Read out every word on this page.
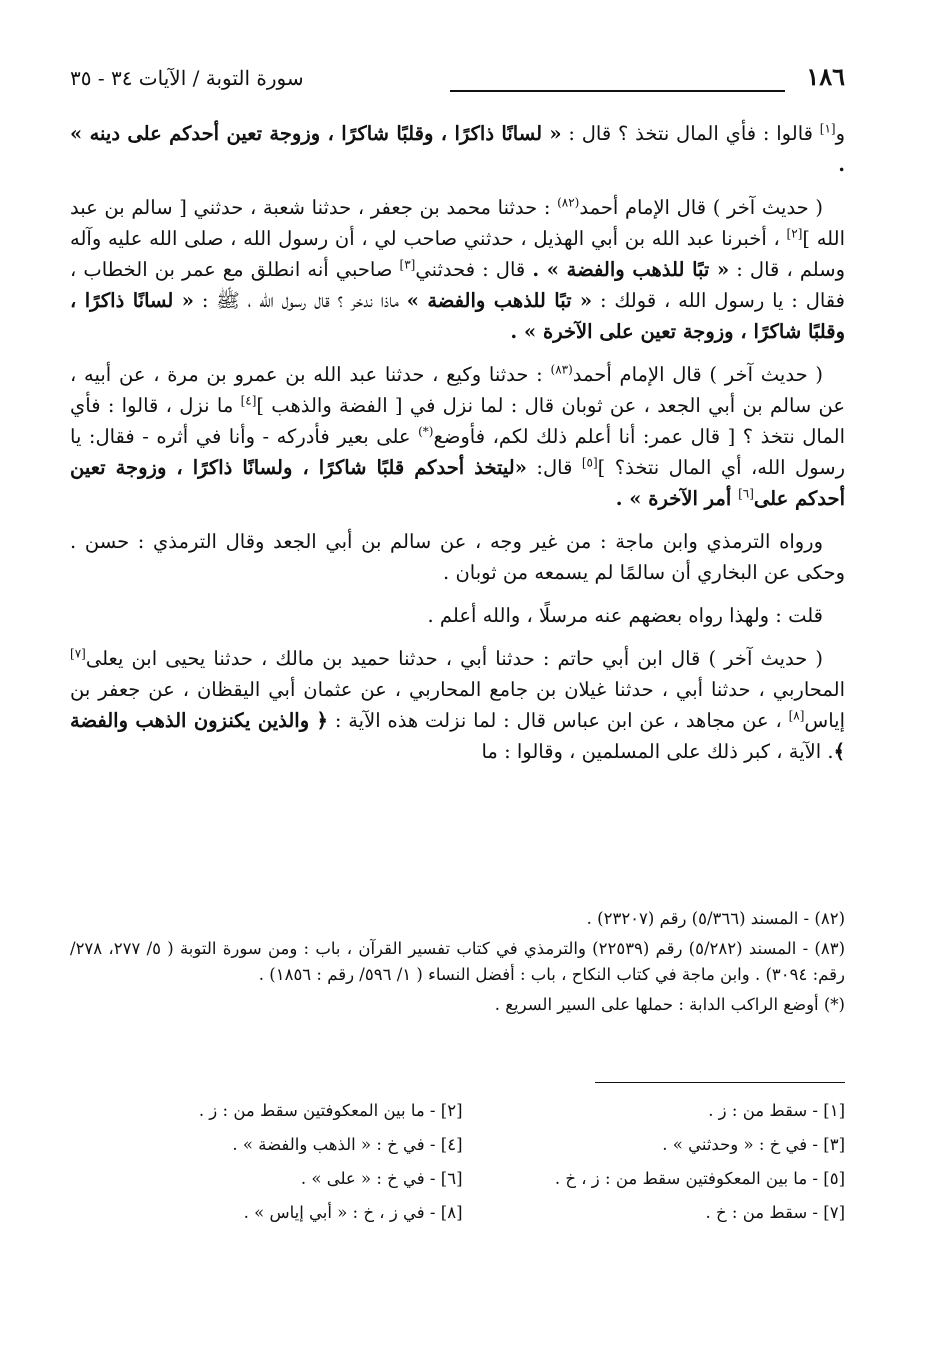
١٨٦
سورة التوبة / الآيات ٣٤ - ٣٥

و[١] قالوا : فأي المال نتخذ ؟ قال : « لسانًا ذاكرًا ، وقلبًا شاكرًا ، وزوجة تعين أحدكم على دينه » .

( حديث آخر ) قال الإمام أحمد$^{(٨٢)}$ : حدثنا محمد بن جعفر ، حدثنا شعبة ، حدثني [ سالم بن عبد الله ][٢] ، أخبرنا عبد الله بن أبي الهذيل ، حدثني صاحب لي ، أن رسول الله ، صلى الله عليه وآله وسلم ، قال : « تبًا للذهب والفضة » . قال : فحدثني[٣] صاحبي أنه انطلق مع عمر بن الخطاب ، فقال : يا رسول الله ، قولك : « تبًا للذهب والفضة » ماذا ندخر ؟ قال رسول الله ، ﷺ : « لسانًا ذاكرًا ، وقلبًا شاكرًا ، وزوجة تعين على الآخرة » .

( حديث آخر ) قال الإمام أحمد$^{(٨٣)}$ : حدثنا وكيع ، حدثنا عبد الله بن عمرو بن مرة ، عن أبيه ، عن سالم بن أبي الجعد ، عن ثوبان قال : لما نزل في [ الفضة والذهب ][٤] ما نزل ، قالوا : فأي المال نتخذ ؟ [ قال عمر: أنا أعلم ذلك لكم، فأوضع(*) على بعير فأدركه - وأنا في أثره - فقال: يا رسول الله، أي المال نتخذ؟ ][٥] قال: «ليتخذ أحدكم قلبًا شاكرًا ، ولسانًا ذاكرًا ، وزوجة تعين أحدكم على[٦] أمر الآخرة » .

ورواه الترمذي وابن ماجة : من غير وجه ، عن سالم بن أبي الجعد وقال الترمذي : حسن . وحكى عن البخاري أن سالمًا لم يسمعه من ثوبان .

قلت : ولهذا رواه بعضهم عنه مرسلًا ، والله أعلم .

( حديث آخر ) قال ابن أبي حاتم : حدثنا أبي ، حدثنا حميد بن مالك ، حدثنا يحيى ابن يعلى[٧] المحاربي ، حدثنا أبي ، حدثنا غيلان بن جامع المحاربي ، عن عثمان أبي اليقظان ، عن جعفر بن إياس[٨] ، عن مجاهد ، عن ابن عباس قال : لما نزلت هذه الآية : ﴿ والذين يكنزون الذهب والفضة ﴾. الآية ، كبر ذلك على المسلمين ، وقالوا : ما

(٨٢) - المسند (٥/٣٦٦) رقم (٢٣٢٠٧) .

(٨٣) - المسند (٥/٢٨٢) رقم (٢٢٥٣٩) والترمذي في كتاب تفسير القرآن ، باب : ومن سورة التوبة ( ٥/ ٢٧٧، ٢٧٨/رقم: ٣٠٩٤) . وابن ماجة في كتاب النكاح ، باب : أفضل النساء ( ١/ ٥٩٦/ رقم : ١٨٥٦) .

(*) أوضع الراكب الدابة : حملها على السير السريع .

[١] - سقط من : ز .
[٢] - ما بين المعكوفتين سقط من : ز .
[٣] - في خ : « وحدثني » .
[٤] - في خ : « الذهب والفضة » .
[٥] - ما بين المعكوفتين سقط من : ز ، خ .
[٦] - في خ : « على » .
[٧] - سقط من : خ .
[٨] - في ز ، خ : « أبي إياس » .
